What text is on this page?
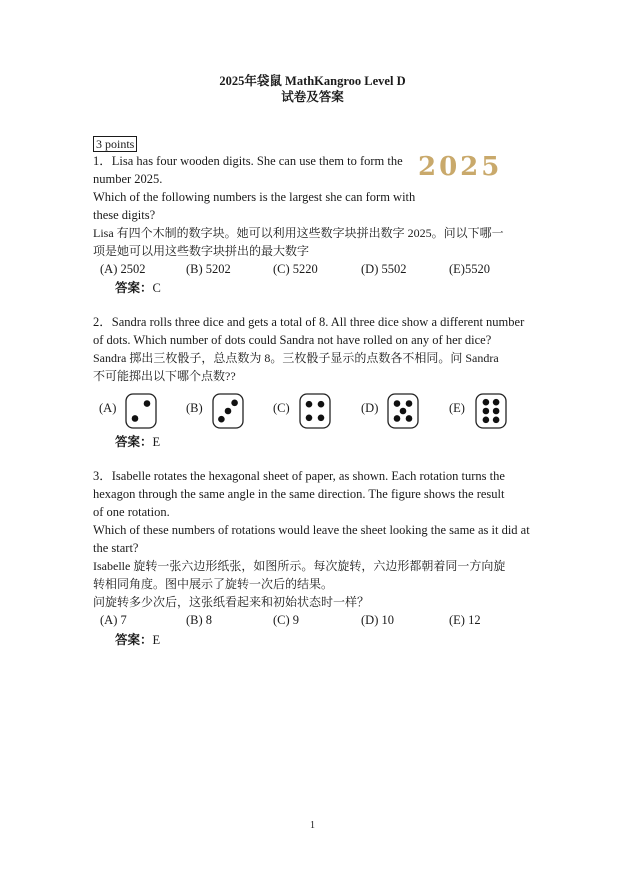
2025年袋鼠 MathKangroo Level D
试卷及答案
3 points
2025
1．Lisa has four wooden digits. She can use them to form the
number 2025.
Which of the following numbers is the largest she can form with
these digits?
Lisa 有四个木制的数字块。她可以利用这些数字块拼出数字 2025。问以下哪一
项是她可以用这些数字块拼出的最大数字
(A) 2502	(B) 5202	(C) 5220	(D) 5502	(E)5520
答案：C
2．Sandra rolls three dice and gets a total of 8. All three dice show a different number
of dots. Which number of dots could Sandra not have rolled on any of her dice?
Sandra 掷出三枚骰子，总点数为 8。三枚骰子显示的点数各不相同。问 Sandra
不可能掷出以下哪个点数??
(A)	(B)	(C)	(D)	(E)
答案：E
3．Isabelle rotates the hexagonal sheet of paper, as shown. Each rotation turns the
hexagon through the same angle in the same direction. The figure shows the result
of one rotation.
Which of these numbers of rotations would leave the sheet looking the same as it did at
the start?
Isabelle 旋转一张六边形纸张，如图所示。每次旋转，六边形都朝着同一方向旋
转相同角度。图中展示了旋转一次后的结果。
问旋转多少次后，这张纸看起来和初始状态时一样？
(A) 7	(B) 8	(C) 9	(D) 10	(E) 12
答案：E
1
